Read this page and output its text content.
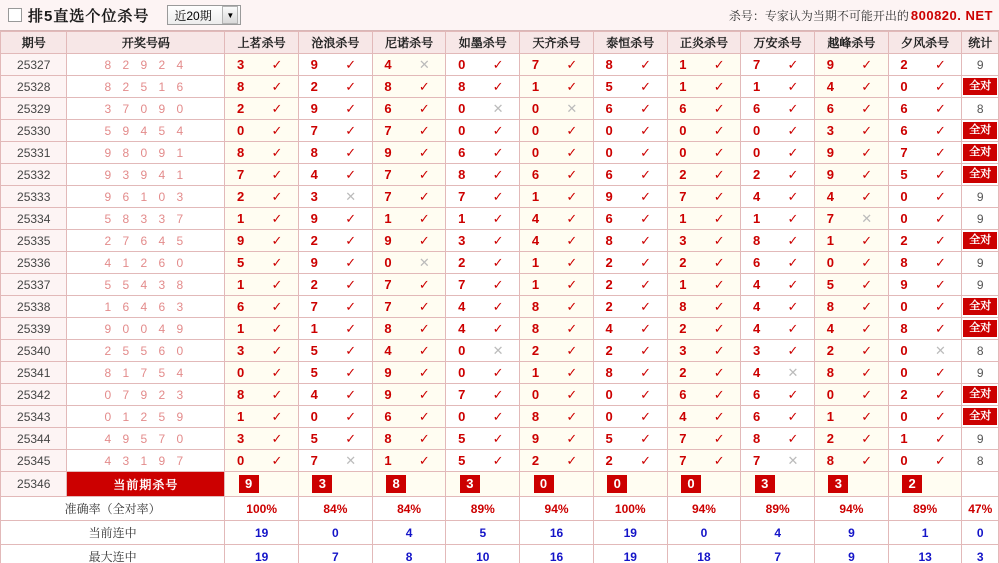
排5直选个位杀号 近20期	▼	杀号：专家认为当期不可能开出的 800820. NET
期号	开奖号码	上茗杀号	沧浪杀号	尼诺杀号	如墨杀号	天齐杀号	泰恒杀号	正炎杀号	万安杀号	越峰杀号	夕风杀号	统计
25327	8 2 9 2 4	3 ✓	9 ✓	4 ✕	0 ✓	7 ✓	8 ✓	1 ✓	7 ✓	9 ✓	2 ✓	9
25328	8 2 5 1 6	8 ✓	2 ✓	8 ✓	8 ✓	1 ✓	5 ✓	1 ✓	1 ✓	4 ✓	0 ✓	全对

25329	3 7 0 9 0	2 ✓	9 ✓	6 ✓	0 ✕	0 ✕	6 ✓	6 ✓	6 ✓	6 ✓	6 ✓	8
25330	5 9 4 5 4	0 ✓	7 ✓	7 ✓	0 ✓	0 ✓	0 ✓	0 ✓	0 ✓	3 ✓	6 ✓	全对

25331	9 8 0 9 1	8 ✓	8 ✓	9 ✓	6 ✓	0 ✓	0 ✓	0 ✓	0 ✓	9 ✓	7 ✓	全对

25332	9 3 9 4 1	7 ✓	4 ✓	7 ✓	8 ✓	6 ✓	6 ✓	2 ✓	2 ✓	9 ✓	5 ✓	全对

25333	9 6 1 0 3	2 ✓	3 ✕	7 ✓	7 ✓	1 ✓	9 ✓	7 ✓	4 ✓	4 ✓	0 ✓	9
25334	5 8 3 3 7	1 ✓	9 ✓	1 ✓	1 ✓	4 ✓	6 ✓	1 ✓	1 ✓	7 ✕	0 ✓	9
25335	2 7 6 4 5	9 ✓	2 ✓	9 ✓	3 ✓	4 ✓	8 ✓	3 ✓	8 ✓	1 ✓	2 ✓	全对

25336	4 1 2 6 0	5 ✓	9 ✓	0 ✕	2 ✓	1 ✓	2 ✓	2 ✓	6 ✓	0 ✓	8 ✓	9
25337	5 5 4 3 8	1 ✓	2 ✓	7 ✓	7 ✓	1 ✓	2 ✓	1 ✓	4 ✓	5 ✓	9 ✓	9
25338	1 6 4 6 3	6 ✓	7 ✓	7 ✓	4 ✓	8 ✓	2 ✓	8 ✓	4 ✓	8 ✓	0 ✓	全对

25339	9 0 0 4 9	1 ✓	1 ✓	8 ✓	4 ✓	8 ✓	4 ✓	2 ✓	4 ✓	4 ✓	8 ✓	全对

25340	2 5 5 6 0	3 ✓	5 ✓	4 ✓	0 ✕	2 ✓	2 ✓	3 ✓	3 ✓	2 ✓	0 ✕	8
25341	8 1 7 5 4	0 ✓	5 ✓	9 ✓	0 ✓	1 ✓	8 ✓	2 ✓	4 ✕	8 ✓	0 ✓	9
25342	0 7 9 2 3	8 ✓	4 ✓	9 ✓	7 ✓	0 ✓	0 ✓	6 ✓	6 ✓	0 ✓	2 ✓	全对

25343	0 1 2 5 9	1 ✓	0 ✓	6 ✓	0 ✓	8 ✓	0 ✓	4 ✓	6 ✓	1 ✓	0 ✓	全对

25344	4 9 5 7 0	3 ✓	5 ✓	8 ✓	5 ✓	9 ✓	5 ✓	7 ✓	8 ✓	2 ✓	1 ✓	9
25345	4 3 1 9 7	0 ✓	7 ✕	1 ✓	5 ✓	2 ✓	2 ✓	7 ✓	7 ✕	8 ✓	0 ✓	8
25346	当前期杀号	9	3	8	3	0	0	0	3	3	2	
准确率（全对率）		100%	84%	84%	89%	94%	100%	94%	89%	94%	89%	47%
当前连中		19	0	4	5	16	19	0	4	9	1	0
最大连中		19	7	8	10	16	19	18	7	9	13	3
